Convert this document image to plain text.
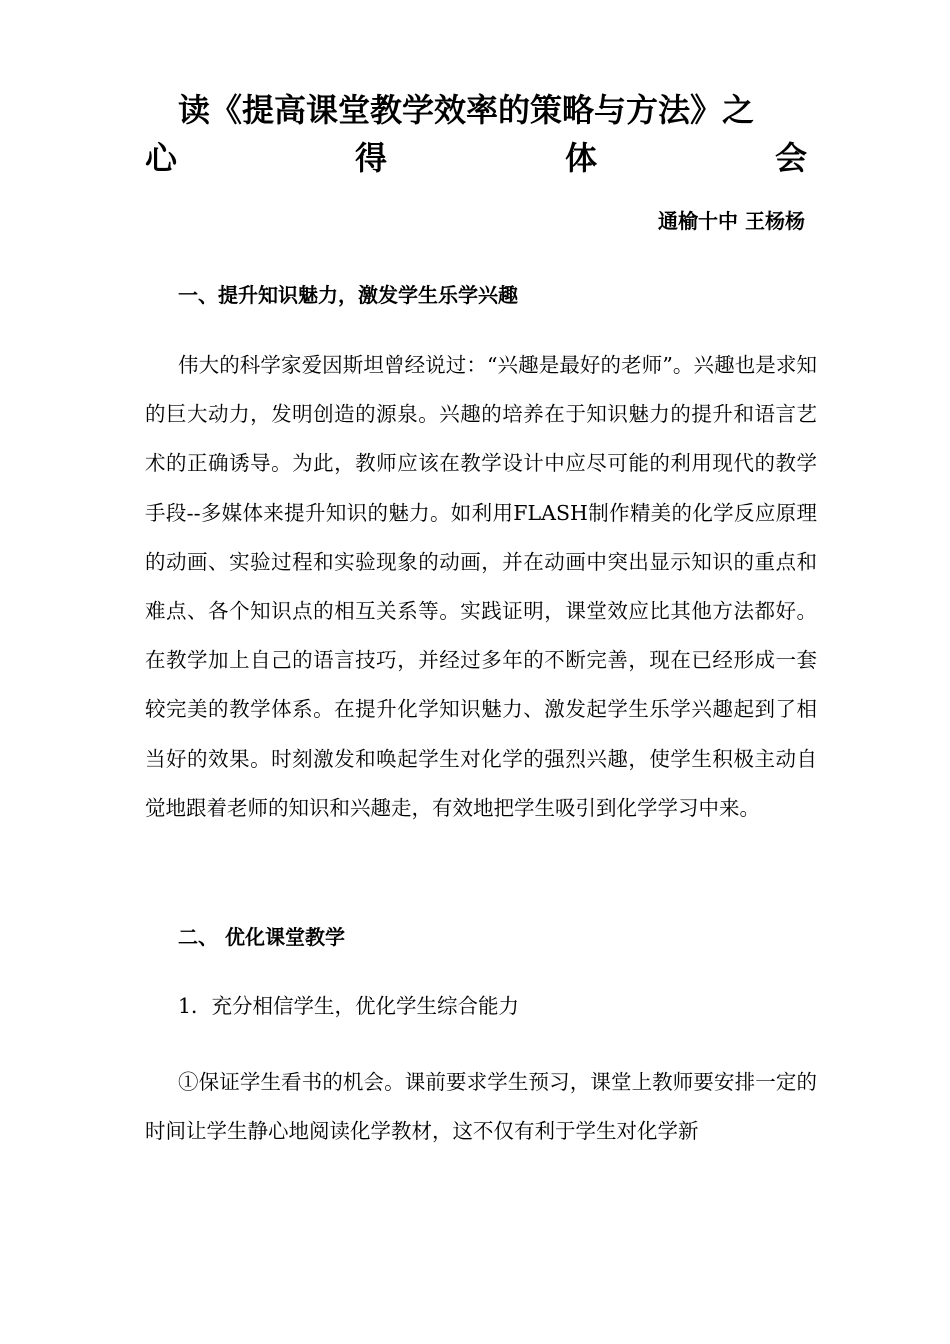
读《提高课堂教学效率的策略与方法》之
心	得	体	会
通榆十中 王杨杨
一、提升知识魅力，激发学生乐学兴趣
伟大的科学家爱因斯坦曾经说过：“兴趣是最好的老师”。兴趣也是求知的巨大动力，发明创造的源泉。兴趣的培养在于知识魅力的提升和语言艺术的正确诱导。为此，教师应该在教学设计中应尽可能的利用现代的教学手段--多媒体来提升知识的魅力。如利用FLASH制作精美的化学反应原理的动画、实验过程和实验现象的动画，并在动画中突出显示知识的重点和难点、各个知识点的相互关系等。实践证明，课堂效应比其他方法都好。在教学加上自己的语言技巧，并经过多年的不断完善，现在已经形成一套较完美的教学体系。在提升化学知识魅力、激发起学生乐学兴趣起到了相当好的效果。时刻激发和唤起学生对化学的强烈兴趣，使学生积极主动自觉地跟着老师的知识和兴趣走，有效地把学生吸引到化学学习中来。
二、 优化课堂教学
1．充分相信学生，优化学生综合能力
①保证学生看书的机会。课前要求学生预习，课堂上教师要安排一定的时间让学生静心地阅读化学教材，这不仅有利于学生对化学新
